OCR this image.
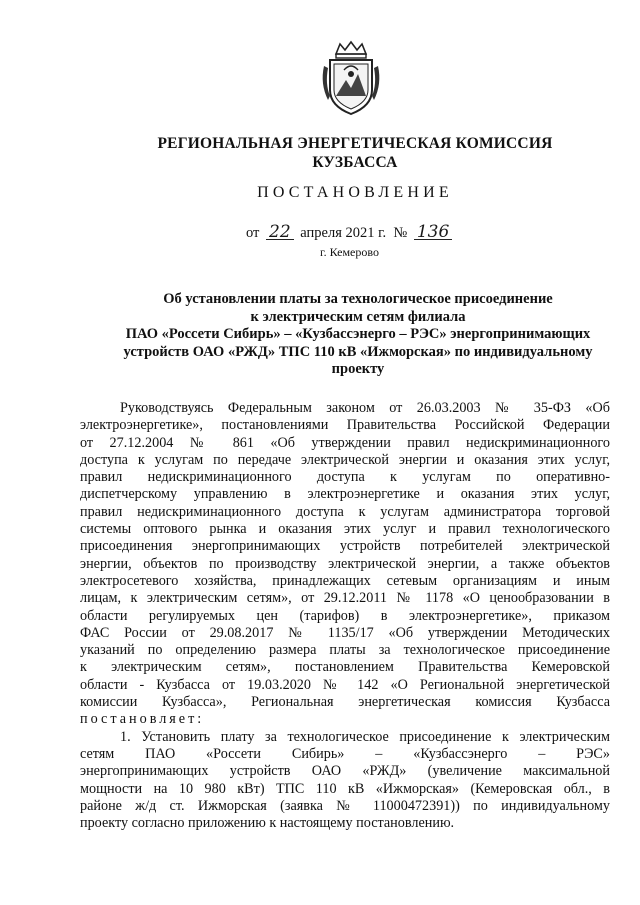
РЕГИОНАЛЬНАЯ ЭНЕРГЕТИЧЕСКАЯ КОМИССИЯ
КУЗБАССА
ПОСТАНОВЛЕНИЕ
от 22 апреля 2021 г. № 136
г. Кемерово
Об установлении платы за технологическое присоединение
к электрическим сетям филиала
ПАО «Россети Сибирь» – «Кузбассэнерго – РЭС» энергопринимающих
устройств ОАО «РЖД» ТПС 110 кВ «Ижморская» по индивидуальному
проекту
Руководствуясь Федеральным законом от 26.03.2003 № 35-ФЗ «Об
электроэнергетике», постановлениями Правительства Российской Федерации
от 27.12.2004 № 861 «Об утверждении правил недискриминационного
доступа к услугам по передаче электрической энергии и оказания этих услуг,
правил недискриминационного доступа к услугам по оперативно-
диспетчерскому управлению в электроэнергетике и оказания этих услуг,
правил недискриминационного доступа к услугам администратора торговой
системы оптового рынка и оказания этих услуг и правил технологического
присоединения энергопринимающих устройств потребителей электрической
энергии, объектов по производству электрической энергии, а также объектов
электросетевого хозяйства, принадлежащих сетевым организациям и иным
лицам, к электрическим сетям», от 29.12.2011 № 1178 «О ценообразовании в
области регулируемых цен (тарифов) в электроэнергетике», приказом
ФАС России от 29.08.2017 № 1135/17 «Об утверждении Методических
указаний по определению размера платы за технологическое присоединение
к электрическим сетям», постановлением Правительства Кемеровской
области - Кузбасса от 19.03.2020 № 142 «О Региональной энергетической
комиссии Кузбасса», Региональная энергетическая комиссия Кузбасса
постановляет:
1. Установить плату за технологическое присоединение к электрическим
сетям ПАО «Россети Сибирь» – «Кузбассэнерго – РЭС»
энергопринимающих устройств ОАО «РЖД» (увеличение максимальной
мощности на 10 980 кВт) ТПС 110 кВ «Ижморская» (Кемеровская обл., в
районе ж/д ст. Ижморская (заявка № 11000472391)) по индивидуальному
проекту согласно приложению к настоящему постановлению.
